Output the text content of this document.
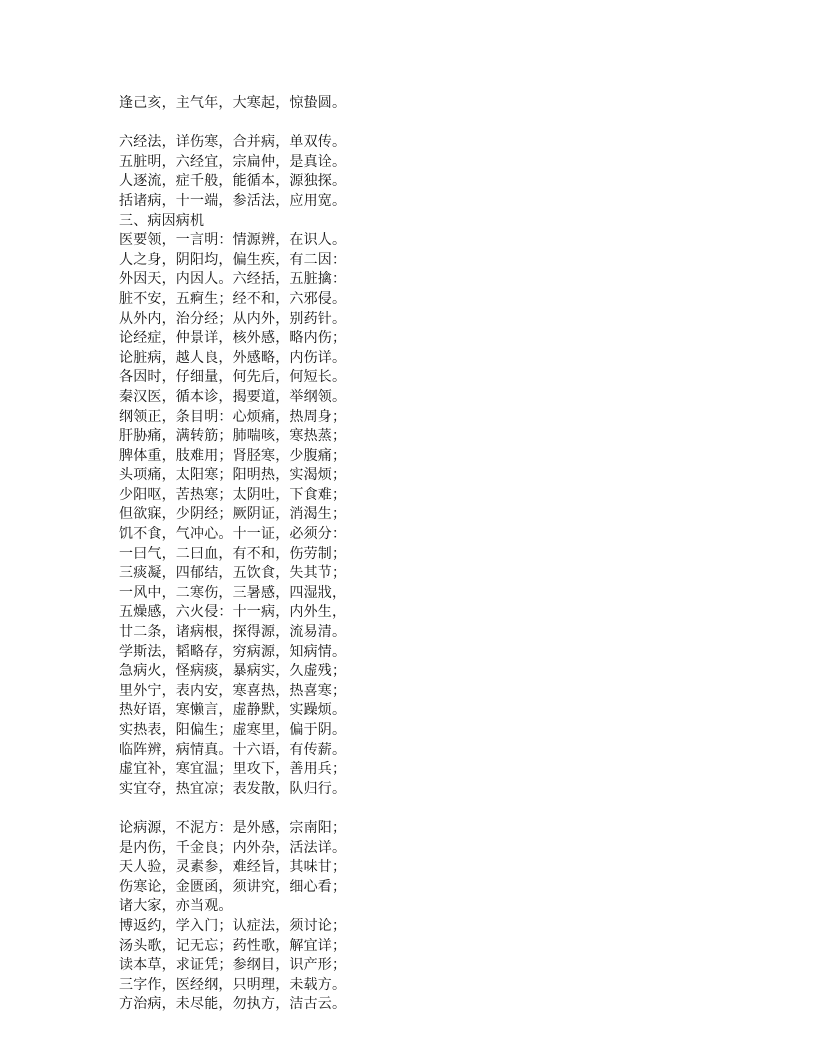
逢己亥，主气年，大寒起，惊蛰圆。
六经法，详伤寒，合并病，单双传。
五脏明，六经宜，宗扁仲，是真诠。
人逐流，症千般，能循本，源独探。
括诸病，十一端，参活法，应用宽。
三、病因病机
医要领，一言明：情源辨，在识人。
人之身，阴阳均，偏生疾，有二因：
外因天，内因人。六经括，五脏擒：
脏不安，五痾生；经不和，六邪侵。
从外内，治分经；从内外，别药针。
论经症，仲景详，核外感，略内伤；
论脏病，越人良，外感略，内伤详。
各因时，仔细量，何先后，何短长。
秦汉医，循本诊，揭要道，举纲领。
纲领正，条目明：心烦痛，热周身；
肝胁痛，满转筋；肺喘咳，寒热蒸；
脾体重，肢难用；肾胫寒，少腹痛；
头项痛，太阳寒；阳明热，实渴烦；
少阳呕，苦热寒；太阴吐，下食难；
但欲寐，少阴经；厥阴证，消渴生；
饥不食，气冲心。十一证，必须分：
一曰气，二曰血，有不和，伤劳制；
三痰凝，四郁结，五饮食，失其节；
一风中，二寒伤，三暑感，四湿戕，
五燥感，六火侵：十一病，内外生，
廿二条，诸病根，探得源，流易清。
学斯法，韬略存，穷病源，知病情。
急病火，怪病痰，暴病实，久虚残；
里外宁，表内安，寒喜热，热喜寒；
热好语，寒懒言，虚静默，实躁烦。
实热表，阳偏生；虚寒里，偏于阴。
临阵辨，病情真。十六语，有传薪。
虚宜补，寒宜温；里攻下，善用兵；
实宜夺，热宜凉；表发散，队归行。
论病源，不泥方：是外感，宗南阳；
是内伤，千金良；内外杂，活法详。
天人验，灵素参，难经旨，其味甘；
伤寒论，金匮函，须讲究，细心看；
诸大家，亦当观。
博返约，学入门；认症法，须讨论；
汤头歌，记无忘；药性歌，解宜详；
读本草，求证凭；参纲目，识产形；
三字作，医经纲，只明理，未载方。
方治病，未尽能，勿执方，洁古云。
